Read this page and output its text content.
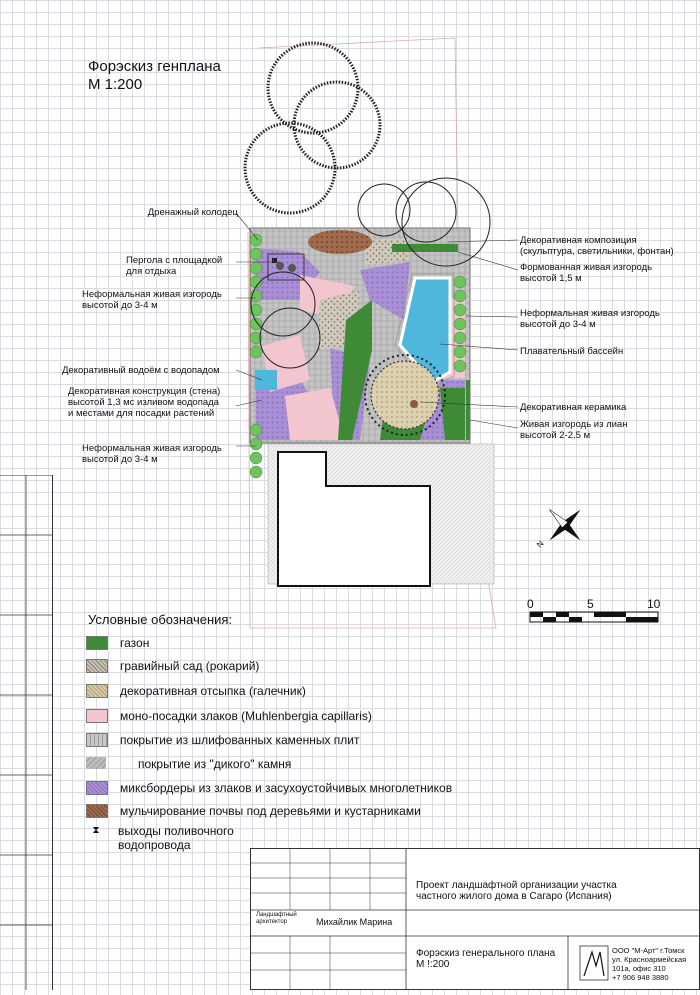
Форэскиз генплана
М 1:200
N
Дренажный колодец
Пергола с площадкой
для отдыха
Неформальная живая изгородь
высотой до 3-4 м
Декоративный водоём с водопадом
Декоративная конструкция (стена)
высотой 1,3 мс изливом водопада
и местами для посадки растений
Неформальная живая изгородь
высотой до 3-4 м
Декоративная композиция
(скульптура, светильники, фонтан)
Формованная живая изгородь
высотой 1,5 м
Неформальная живая изгородь
высотой до 3-4 м
Плавательный бассейн
Декоративная керамика
Живая изгородь из лиан
высотой 2-2,5 м
0	5	10
Условные обозначения:
газон
гравийный сад (рокарий)
декоративная отсыпка (галечник)
моно-посадки злаков (Muhlenbergia capillaris)
покрытие из шлифованных каменных плит
покрытие из "дикого" камня
миксбордеры из злаков и засухоустойчивых многолетников
мульчирование почвы под деревьями и кустарниками
⧗	выходы поливочного
водопровода
Проект ландшафтной организации участка
частного жилого дома в Сагаро (Испания)
Ландшафтный
архитектор	Михайлик Марина
Форэскиз генерального плана
М !:200
ООО "М-Арт" г.Томск
ул. Красноармейская
101а, офис 310
+7 906 948 3880
